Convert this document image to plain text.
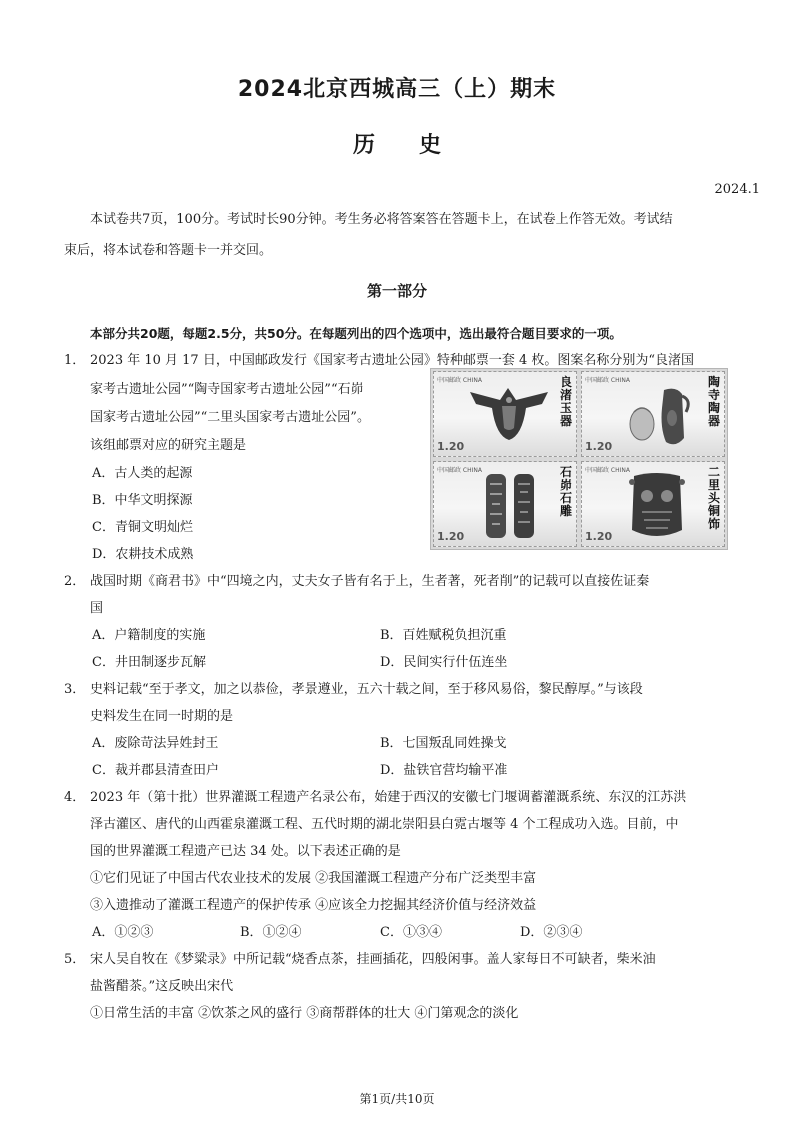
2024北京西城高三（上）期末
历 史
2024.1
本试卷共7页，100分。考试时长90分钟。考生务必将答案答在答题卡上，在试卷上作答无效。考试结
束后，将本试卷和答题卡一并交回。
第一部分
本部分共20题，每题2.5分，共50分。在每题列出的四个选项中，选出最符合题目要求的一项。
1． 2023 年 10 月 17 日，中国邮政发行《国家考古遗址公园》特种邮票一套 4 枚。图案名称分别为“良渚国
家考古遗址公园”“陶寺国家考古遗址公园”“石峁
国家考古遗址公园”“二里头国家考古遗址公园”。
该组邮票对应的研究主题是
A．古人类的起源
B．中华文明探源
C．青铜文明灿烂
D．农耕技术成熟
中国邮政 CHINA
1.20
良渚玉器
中国邮政 CHINA
1.20
陶寺陶器
中国邮政 CHINA
1.20
石峁石雕
中国邮政 CHINA
1.20
二里头铜饰
2． 战国时期《商君书》中“四境之内，丈夫女子皆有名于上，生者著，死者削”的记载可以直接佐证秦
国
A．户籍制度的实施	B．百姓赋税负担沉重
C．井田制逐步瓦解	D．民间实行什伍连坐
3． 史料记载“至于孝文，加之以恭俭，孝景遵业，五六十载之间，至于移风易俗，黎民醇厚。”与该段
史料发生在同一时期的是
A．废除苛法异姓封王	B．七国叛乱同姓操戈
C．裁并郡县清查田户	D．盐铁官营均输平准
4． 2023 年（第十批）世界灌溉工程遗产名录公布，始建于西汉的安徽七门堰调蓄灌溉系统、东汉的江苏洪
泽古灌区、唐代的山西霍泉灌溉工程、五代时期的湖北崇阳县白霓古堰等 4 个工程成功入选。目前，中
国的世界灌溉工程遗产已达 34 处。以下表述正确的是
①它们见证了中国古代农业技术的发展 ②我国灌溉工程遗产分布广泛类型丰富
③入遗推动了灌溉工程遗产的保护传承 ④应该全力挖掘其经济价值与经济效益
A．①②③	B．①②④	C．①③④	D．②③④
5． 宋人吴自牧在《梦粱录》中所记载“烧香点茶，挂画插花，四般闲事。盖人家每日不可缺者，柴米油
盐酱醋茶。”这反映出宋代
①日常生活的丰富 ②饮茶之风的盛行 ③商帮群体的壮大 ④门第观念的淡化
第1页/共10页
